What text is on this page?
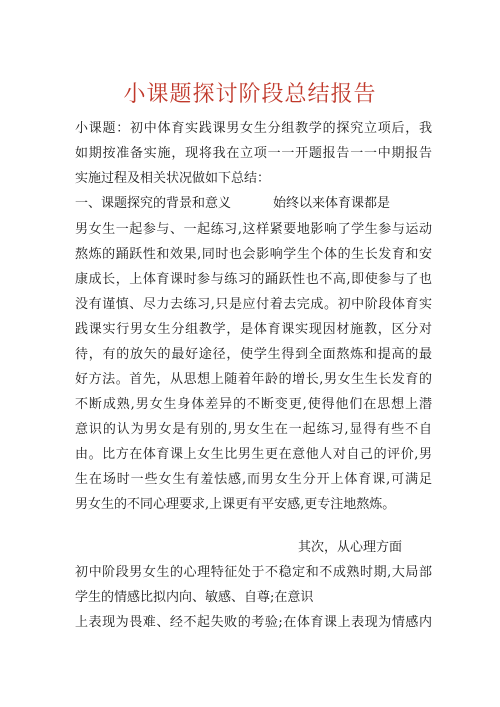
小课题探讨阶段总结报告

小课题：初中体育实践课男女生分组教学的探究立项后，我

如期按准备实施，现将我在立项一一开题报告一一中期报告

实施过程及相关状况做如下总结：

一、课题探究的背景和意义	始终以来体育课都是

男女生一起参与、一起练习,这样紧要地影响了学生参与运动

熬炼的踊跃性和效果,同时也会影响学生个体的生长发育和安

康成长，上体育课时参与练习的踊跃性也不高,即使参与了也

没有谨慎、尽力去练习,只是应付着去完成。初中阶段体育实

践课实行男女生分组教学，是体育课实现因材施教，区分对

待，有的放矢的最好途径，使学生得到全面熬炼和提高的最

好方法。首先，从思想上随着年龄的增长,男女生生长发育的

不断成熟,男女生身体差异的不断变更,使得他们在思想上潜

意识的认为男女是有别的,男女生在一起练习,显得有些不自

由。比方在体育课上女生比男生更在意他人对自己的评价,男

生在场时一些女生有羞怯感,而男女生分开上体育课,可满足

男女生的不同心理要求,上课更有平安感,更专注地熬炼。

其次，从心理方面

初中阶段男女生的心理特征处于不稳定和不成熟时期,大局部

学生的情感比拟内向、敏感、自尊;在意识

上表现为畏难、经不起失败的考验;在体育课上表现为情感内
